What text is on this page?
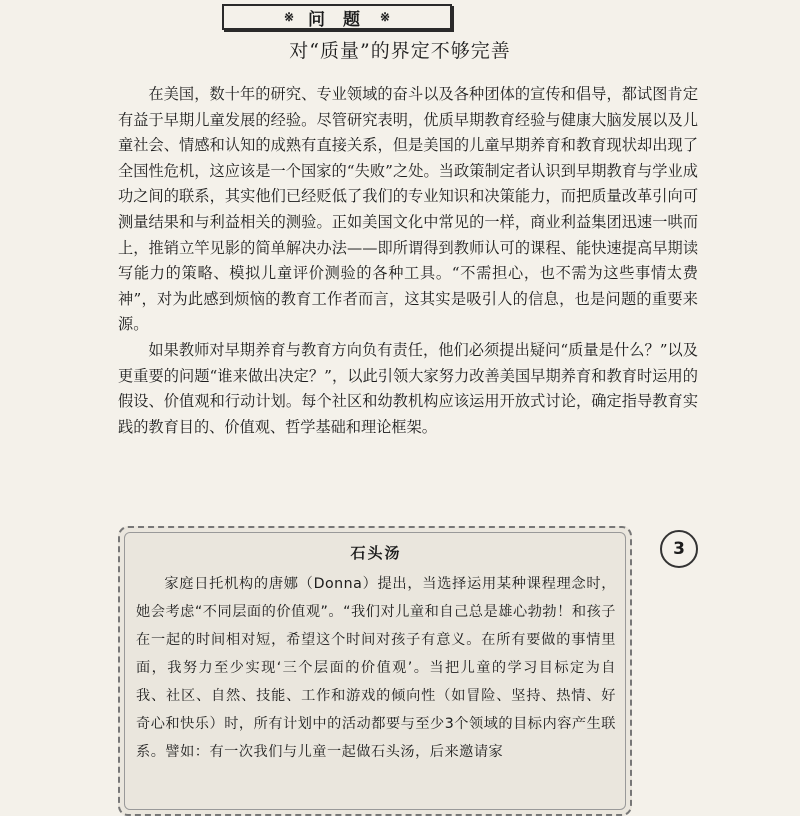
※ 问 题 ※
对“质量”的界定不够完善

在美国，数十年的研究、专业领域的奋斗以及各种团体的宣传和倡导，都试图肯定有益于早期儿童发展的经验。尽管研究表明，优质早期教育经验与健康大脑发展以及儿童社会、情感和认知的成熟有直接关系，但是美国的儿童早期养育和教育现状却出现了全国性危机，这应该是一个国家的“失败”之处。当政策制定者认识到早期教育与学业成功之间的联系，其实他们已经贬低了我们的专业知识和决策能力，而把质量改革引向可测量结果和与利益相关的测验。正如美国文化中常见的一样，商业利益集团迅速一哄而上，推销立竿见影的简单解决办法——即所谓得到教师认可的课程、能快速提高早期读写能力的策略、模拟儿童评价测验的各种工具。“不需担心，也不需为这些事情太费神”，对为此感到烦恼的教育工作者而言，这其实是吸引人的信息，也是问题的重要来源。

如果教师对早期养育与教育方向负有责任，他们必须提出疑问“质量是什么？”以及更重要的问题“谁来做出决定？”，以此引领大家努力改善美国早期养育和教育时运用的假设、价值观和行动计划。每个社区和幼教机构应该运用开放式讨论，确定指导教育实践的教育目的、价值观、哲学基础和理论框架。

石头汤

家庭日托机构的唐娜（Donna）提出，当选择运用某种课程理念时，她会考虑“不同层面的价值观”。“我们对儿童和自己总是雄心勃勃！和孩子在一起的时间相对短，希望这个时间对孩子有意义。在所有要做的事情里面，我努力至少实现‘三个层面的价值观’。当把儿童的学习目标定为自我、社区、自然、技能、工作和游戏的倾向性（如冒险、坚持、热情、好奇心和快乐）时，所有计划中的活动都要与至少3个领域的目标内容产生联系。譬如：有一次我们与儿童一起做石头汤，后来邀请家

3
